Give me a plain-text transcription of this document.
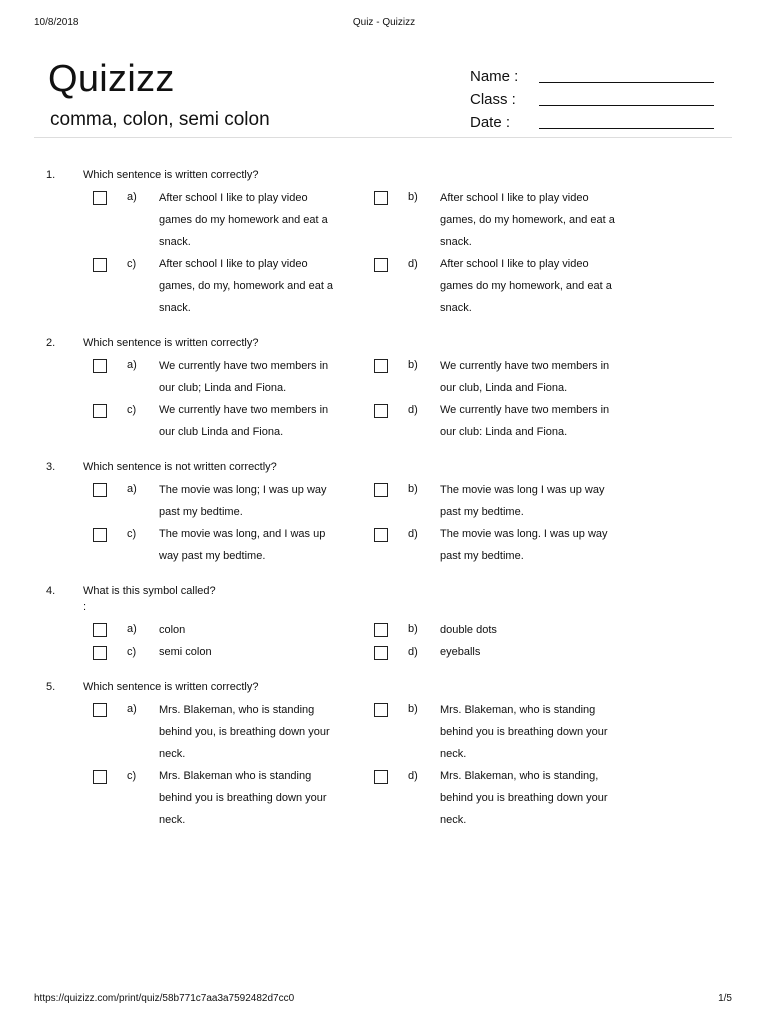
10/8/2018	Quiz - Quizizz
Quizizz
comma, colon, semi colon
Name :
Class :
Date :
1.	Which sentence is written correctly?
a)	After school I like to play video games do my homework and eat a snack.
b)	After school I like to play video games, do my homework, and eat a snack.
c)	After school I like to play video games, do my, homework and eat a snack.
d)	After school I like to play video games do my homework, and eat a snack.
2.	Which sentence is written correctly?
a)	We currently have two members in our club; Linda and Fiona.
b)	We currently have two members in our club, Linda and Fiona.
c)	We currently have two members in our club Linda and Fiona.
d)	We currently have two members in our club: Linda and Fiona.
3.	Which sentence is not written correctly?
a)	The movie was long; I was up way past my bedtime.
b)	The movie was long I was up way past my bedtime.
c)	The movie was long, and I was up way past my bedtime.
d)	The movie was long. I was up way past my bedtime.
4.	What is this symbol called?
:
a)	colon	b)	double dots
c)	semi colon	d)	eyeballs
5.	Which sentence is written correctly?
a)	Mrs. Blakeman, who is standing behind you, is breathing down your neck.
b)	Mrs. Blakeman, who is standing behind you is breathing down your neck.
c)	Mrs. Blakeman who is standing behind you is breathing down your neck.
d)	Mrs. Blakeman, who is standing, behind you is breathing down your neck.
https://quizizz.com/print/quiz/58b771c7aa3a7592482d7cc0	1/5
